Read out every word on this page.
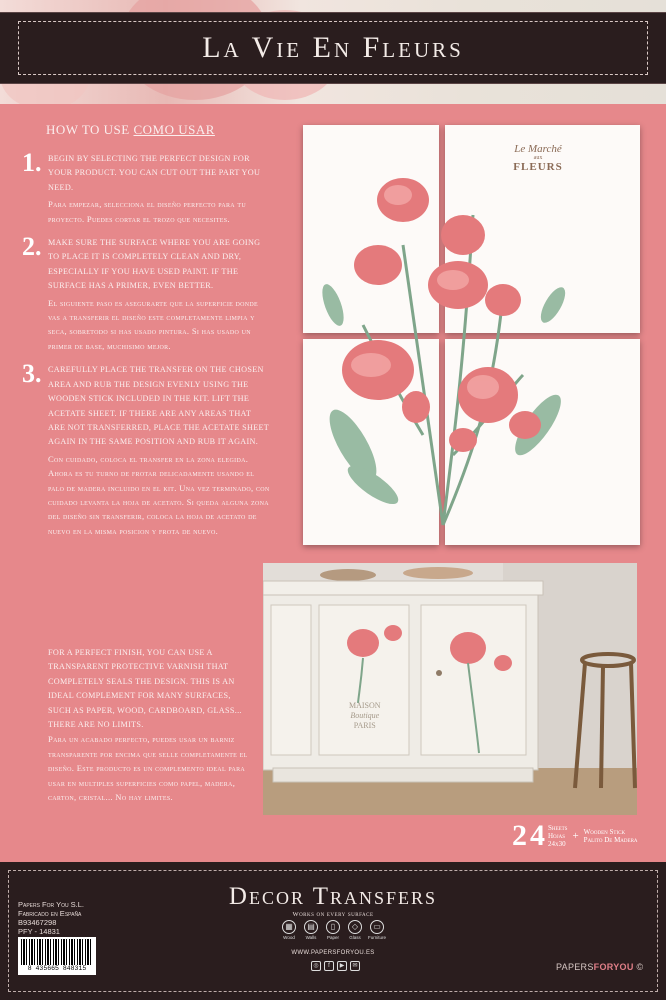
La Vie En Fleurs
HOW TO USE COMO USAR
1. BEGIN BY SELECTING THE PERFECT DESIGN FOR YOUR PRODUCT. YOU CAN CUT OUT THE PART YOU NEED.

Para empezar, selecciona el diseño perfecto para tu proyecto. Puedes cortar el trozo que necesites.

2. MAKE SURE THE SURFACE WHERE YOU ARE GOING TO PLACE IT IS COMPLETELY CLEAN AND DRY, ESPECIALLY IF YOU HAVE USED PAINT. IF THE SURFACE HAS A PRIMER, EVEN BETTER.

El siguiente paso es asegurarte que la superficie donde vas a transferir el diseño este completamente limpia y seca, sobretodo si has usado pintura. Si has usado un primer de base, muchisimo mejor.

3. CAREFULLY PLACE THE TRANSFER ON THE CHOSEN AREA AND RUB THE DESIGN EVENLY USING THE WOODEN STICK INCLUDED IN THE KIT. LIFT THE ACETATE SHEET. IF THERE ARE ANY AREAS THAT ARE NOT TRANSFERRED, PLACE THE ACETATE SHEET AGAIN IN THE SAME POSITION AND RUB IT AGAIN.

Con cuidado, coloca el transfer en la zona elegida. Ahora es tu turno de frotar delicadamente usando el palo de madera incluido en el kit. Una vez terminado, con cuidado levanta la hoja de acetato. Si queda alguna zona del diseño sin transferir, coloca la hoja de acetato de nuevo en la misma posicion y frota de nuevo.

FOR A PERFECT FINISH, YOU CAN USE A TRANSPARENT PROTECTIVE VARNISH THAT COMPLETELY SEALS THE DESIGN. THIS IS AN IDEAL COMPLEMENT FOR MANY SURFACES, SUCH AS PAPER, WOOD, CARDBOARD, GLASS... THERE ARE NO LIMITS.

Para un acabado perfecto, puedes usar un barniz transparente por encima que selle completamente el diseño. Este producto es un complemento ideal para usar en multiples superficies como papel, madera, carton, cristal... No hay limites.

Le Marché
aux
FLEURS
MAISON
Boutique
PARIS
2 4 Sheets
Hojas
24x30
+ Wooden Stick
Palito De Madera
Papers For You S.L.
Fabricado en España
B93467298
PFY - 14831
8 435665 848315
Decor Transfers
Works on every surface
▦
Wood
▤
Walls
▯
Paper
◇
Glass
▭
Furniture
WWW.PAPERSFORYOU.ES
◎	f	▶	✉	PAPERSFORYOU ©
